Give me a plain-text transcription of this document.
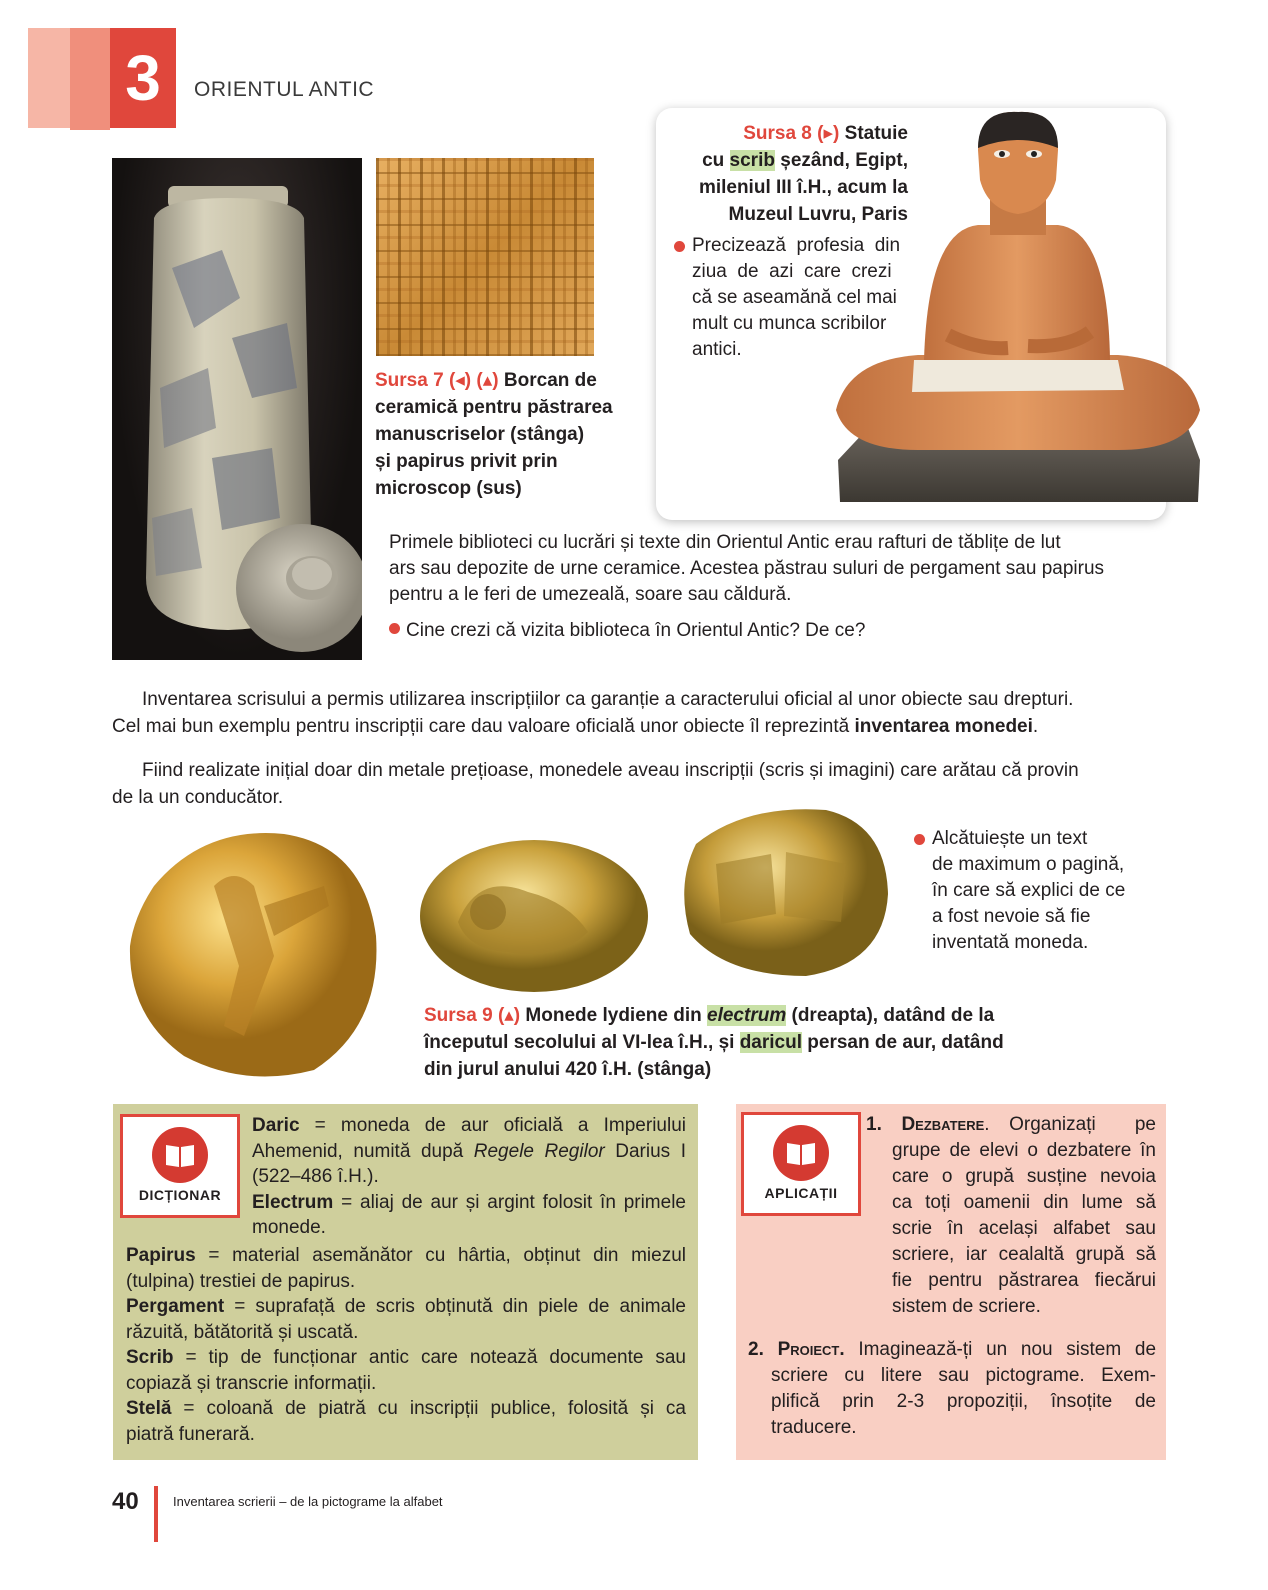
3	ORIENTUL ANTIC
Sursa 7 (◂) (▴) Borcan de
ceramică pentru păstrarea
manuscriselor (stânga)
și papirus privit prin
microscop (sus)
Sursa 8 (▸) Statuie
cu scrib șezând, Egipt,
mileniul III î.H., acum la
Muzeul Luvru, Paris
Precizează  profesia  din
ziua  de  azi  care  crezi
că se aseamănă cel mai
mult cu munca scribilor
antici.
Primele biblioteci cu lucrări și texte din Orientul Antic erau rafturi de tăblițe de lut
ars sau depozite de urne ceramice. Acestea păstrau suluri de pergament sau papirus
pentru a le feri de umezeală, soare sau căldură.
Cine crezi că vizita biblioteca în Orientul Antic? De ce?
Inventarea scrisului a permis utilizarea inscripțiilor ca garanție a caracterului oficial al unor obiecte sau drepturi.
Cel mai bun exemplu pentru inscripții care dau valoare oficială unor obiecte îl reprezintă inventarea monedei.
Fiind realizate inițial doar din metale prețioase, monedele aveau inscripții (scris și imagini) care arătau că provin
de la un conducător.
Alcătuiește un text
de maximum o pagină,
în care să explici de ce
a fost nevoie să fie
inventată moneda.
Sursa 9 (▴) Monede lydiene din electrum (dreapta), datând de la
începutul secolului al VI-lea î.H., și daricul persan de aur, datând
din jurul anului 420 î.H. (stânga)
DICȚIONAR
Daric = moneda de aur oficială a Imperiului
Ahemenid, numită după Regele Regilor Darius I
(522–486 î.H.).
Electrum = aliaj de aur și argint folosit în primele
monede.
Papirus = material asemănător cu hârtia, obținut din miezul
(tulpina) trestiei de papirus.
Pergament = suprafață de scris obținută din piele de animale
răzuită, bătătorită și uscată.
Scrib = tip de funcționar antic care notează documente sau
copiază și transcrie informații.
Stelă = coloană de piatră cu inscripții publice, folosită și ca
piatră funerară.
APLICAȚII
1. Dezbatere. Organizați  pe
grupe de elevi o dezbatere în
care o grupă susține nevoia
ca toți oamenii din lume să
scrie  în  același  alfabet  sau
scriere, iar cealaltă grupă să
fie pentru păstrarea fiecărui
sistem de scriere.
2. Proiect. Imaginează-ți un nou sistem de
scriere  cu  litere  sau  pictograme.  Exem-
plifică  prin  2-3  propoziții,  însoțite  de
traducere.
40	Inventarea scrierii – de la pictograme la alfabet
